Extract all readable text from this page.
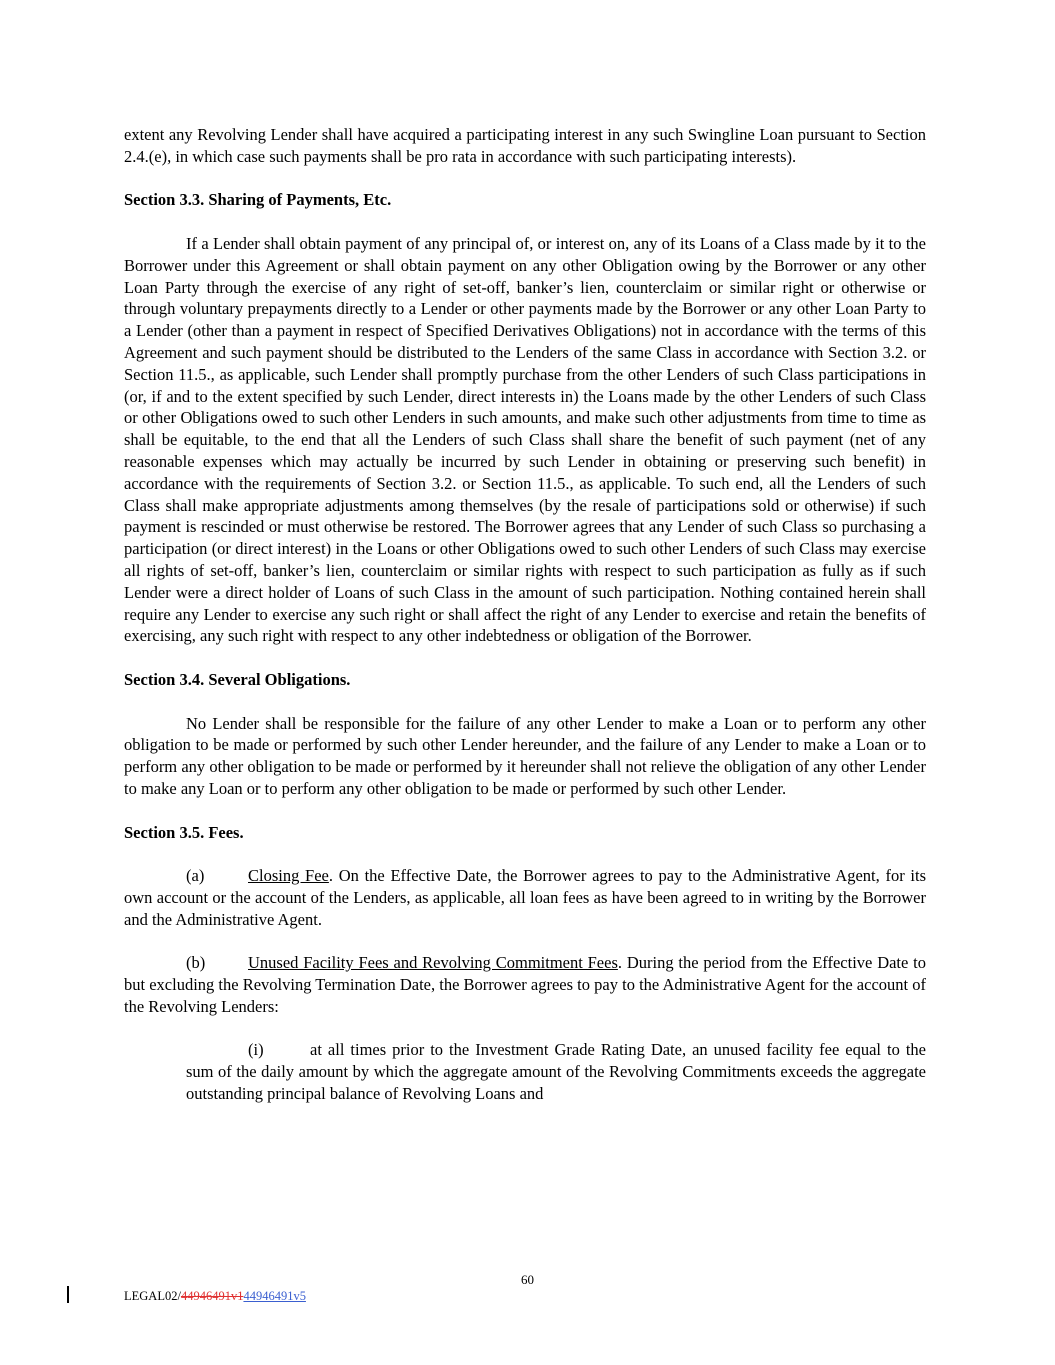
extent any Revolving Lender shall have acquired a participating interest in any such Swingline Loan pursuant to Section 2.4.(e), in which case such payments shall be pro rata in accordance with such participating interests).

Section 3.3. Sharing of Payments, Etc.

If a Lender shall obtain payment of any principal of, or interest on, any of its Loans of a Class made by it to the Borrower under this Agreement or shall obtain payment on any other Obligation owing by the Borrower or any other Loan Party through the exercise of any right of set-off, banker’s lien, counterclaim or similar right or otherwise or through voluntary prepayments directly to a Lender or other payments made by the Borrower or any other Loan Party to a Lender (other than a payment in respect of Specified Derivatives Obligations) not in accordance with the terms of this Agreement and such payment should be distributed to the Lenders of the same Class in accordance with Section 3.2. or Section 11.5., as applicable, such Lender shall promptly purchase from the other Lenders of such Class participations in (or, if and to the extent specified by such Lender, direct interests in) the Loans made by the other Lenders of such Class or other Obligations owed to such other Lenders in such amounts, and make such other adjustments from time to time as shall be equitable, to the end that all the Lenders of such Class shall share the benefit of such payment (net of any reasonable expenses which may actually be incurred by such Lender in obtaining or preserving such benefit) in accordance with the requirements of Section 3.2. or Section 11.5., as applicable. To such end, all the Lenders of such Class shall make appropriate adjustments among themselves (by the resale of participations sold or otherwise) if such payment is rescinded or must otherwise be restored. The Borrower agrees that any Lender of such Class so purchasing a participation (or direct interest) in the Loans or other Obligations owed to such other Lenders of such Class may exercise all rights of set-off, banker’s lien, counterclaim or similar rights with respect to such participation as fully as if such Lender were a direct holder of Loans of such Class in the amount of such participation. Nothing contained herein shall require any Lender to exercise any such right or shall affect the right of any Lender to exercise and retain the benefits of exercising, any such right with respect to any other indebtedness or obligation of the Borrower.

Section 3.4. Several Obligations.

No Lender shall be responsible for the failure of any other Lender to make a Loan or to perform any other obligation to be made or performed by such other Lender hereunder, and the failure of any Lender to make a Loan or to perform any other obligation to be made or performed by it hereunder shall not relieve the obligation of any other Lender to make any Loan or to perform any other obligation to be made or performed by such other Lender.

Section 3.5. Fees.

(a)	Closing Fee. On the Effective Date, the Borrower agrees to pay to the Administrative Agent, for its own account or the account of the Lenders, as applicable, all loan fees as have been agreed to in writing by the Borrower and the Administrative Agent.

(b)	Unused Facility Fees and Revolving Commitment Fees. During the period from the Effective Date to but excluding the Revolving Termination Date, the Borrower agrees to pay to the Administrative Agent for the account of the Revolving Lenders:

(i)	at all times prior to the Investment Grade Rating Date, an unused facility fee equal to the sum of the daily amount by which the aggregate amount of the Revolving Commitments exceeds the aggregate outstanding principal balance of Revolving Loans and

60
LEGAL02/44946491v144946491v5
